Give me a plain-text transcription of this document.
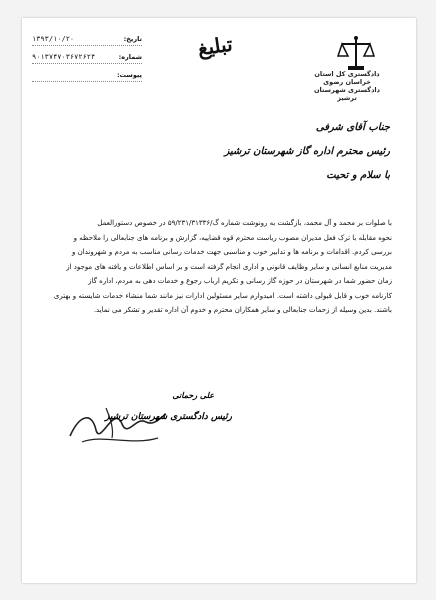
دادگستری کل استان خراسان رضوی
دادگستری شهرستان ترشیز
تبلیغ
تاریخ:
۱۳۹۳/۱۰/۲۰
شماره:
۹۰۱۳۷۴۷۰۳۶۷۲۶۲۴
پیوست:
جناب آقای شرفی
رئیس محترم اداره گاز شهرستان ترشیز
با سلام و تحیت

با صلوات بر محمد و آل محمد، بازگشت به رونوشت شماره گ/۵۹/۲۳۱/۳۱۳۳۶ در خصوص دستورالعمل

نحوه مقابله با ترک فعل مدیران مصوب ریاست محترم قوه قضاییه، گزارش و برنامه های جنابعالی را ملاحظه و

بررسی کردم. اقدامات و برنامه ها و تدابیر خوب و مناسبی جهت خدمات رسانی مناسب به مردم و شهروندان و

مدیریت منابع انسانی و سایر وظایف قانونی و اداری انجام گرفته است و بر اساس اطلاعات و یافته های موجود از

زمان حضور شما در شهرستان در حوزه گاز رسانی و تکریم ارباب رجوع و خدمات دهی به مردم، اداره گاز

کارنامه خوب و قابل قبولی داشته است. امیدوارم سایر مسئولین ادارات نیز مانند شما منشاء خدمات شایسته و بهتری

باشند. بدین وسیله از زحمات جنابعالی و سایر همکاران محترم و خدوم آن اداره تقدیر و تشکر می نماید.

علی رحمانی
رئیس دادگستری شهرستان ترشیز
